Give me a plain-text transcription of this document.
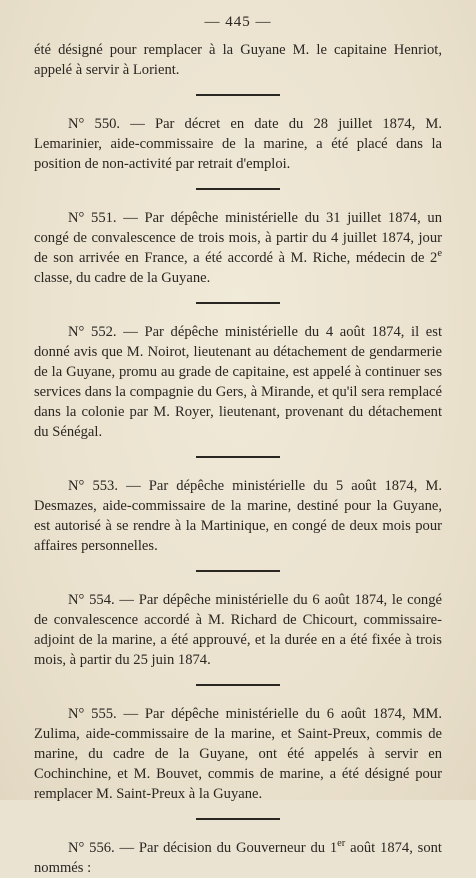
— 445 —

été désigné pour remplacer à la Guyane M. le capitaine Henriot, appelé à servir à Lorient.

N° 550. — Par décret en date du 28 juillet 1874, M. Lemarinier, aide-commissaire de la marine, a été placé dans la position de non-activité par retrait d'emploi.

N° 551. — Par dépêche ministérielle du 31 juillet 1874, un congé de convalescence de trois mois, à partir du 4 juillet 1874, jour de son arrivée en France, a été accordé à M. Riche, médecin de 2e classe, du cadre de la Guyane.

N° 552. — Par dépêche ministérielle du 4 août 1874, il est donné avis que M. Noirot, lieutenant au détachement de gendarmerie de la Guyane, promu au grade de capitaine, est appelé à continuer ses services dans la compagnie du Gers, à Mirande, et qu'il sera remplacé dans la colonie par M. Royer, lieutenant, provenant du détachement du Sénégal.

N° 553. — Par dépêche ministérielle du 5 août 1874, M. Desmazes, aide-commissaire de la marine, destiné pour la Guyane, est autorisé à se rendre à la Martinique, en congé de deux mois pour affaires personnelles.

N° 554. — Par dépêche ministérielle du 6 août 1874, le congé de convalescence accordé à M. Richard de Chicourt, commissaire-adjoint de la marine, a été approuvé, et la durée en a été fixée à trois mois, à partir du 25 juin 1874.

N° 555. — Par dépêche ministérielle du 6 août 1874, MM. Zulima, aide-commissaire de la marine, et Saint-Preux, commis de marine, du cadre de la Guyane, ont été appelés à servir en Cochinchine, et M. Bouvet, commis de marine, a été désigné pour remplacer M. Saint-Preux à la Guyane.

N° 556. — Par décision du Gouverneur du 1er août 1874, sont nommés :
